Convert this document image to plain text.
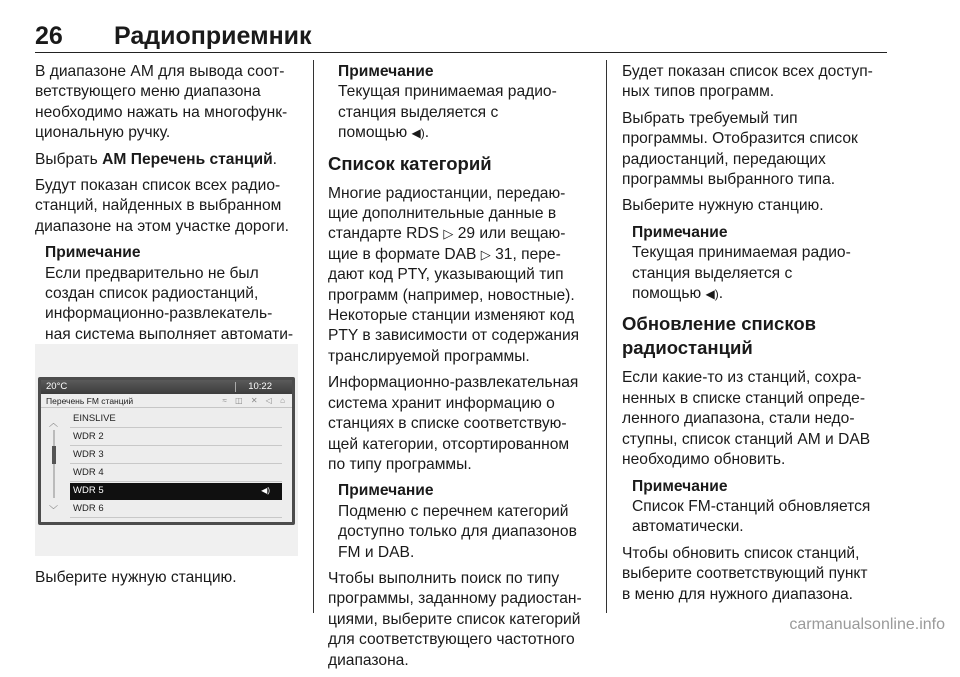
26 Радиоприемник

В диапазоне AM для вывода соот-
ветствующего меню диапазона
необходимо нажать на многофунк-
циональную ручку.

Выбрать AM Перечень станций.

Будут показан список всех радио-
станций, найденных в выбранном
диапазоне на этом участке дороги.

Примечание
Если предварительно не был
создан список радиостанций,
информационно-развлекатель-
ная система выполняет автомати-
20°C	10:22
Перечень FM станций	≈ ◫ ✕ ◁ ⌂
︿
﹀
EINSLIVE
WDR 2
WDR 3
WDR 4
WDR 5	◀)
WDR 6

Выберите нужную станцию.

Примечание
Текущая принимаемая радио-
станция выделяется с
помощью ◀).
Список категорий

Многие радиостанции, передаю-
щие дополнительные данные в
стандарте RDS ▷ 29 или вещаю-
щие в формате DAB ▷ 31, пере-
дают код PTY, указывающий тип
программ (например, новостные).
Некоторые станции изменяют код
PTY в зависимости от содержания
транслируемой программы.

Информационно-развлекательная
система хранит информацию о
станциях в списке соответствую-
щей категории, отсортированном
по типу программы.

Примечание
Подменю с перечнем категорий
доступно только для диапазонов
FM и DAB.

Чтобы выполнить поиск по типу
программы, заданному радиостан-
циями, выберите список категорий
для соответствующего частотного
диапазона.

Будет показан список всех доступ-
ных типов программ.

Выбрать требуемый тип
программы. Отобразится список
радиостанций, передающих
программы выбранного типа.

Выберите нужную станцию.

Примечание
Текущая принимаемая радио-
станция выделяется с
помощью ◀).
Обновление списков
радиостанций

Если какие-то из станций, сохра-
ненных в списке станций опреде-
ленного диапазона, стали недо-
ступны, список станций AM и DAB
необходимо обновить.

Примечание
Список FM-станций обновляется
автоматически.

Чтобы обновить список станций,
выберите соответствующий пункт
в меню для нужного диапазона.

carmanualsonline.info
